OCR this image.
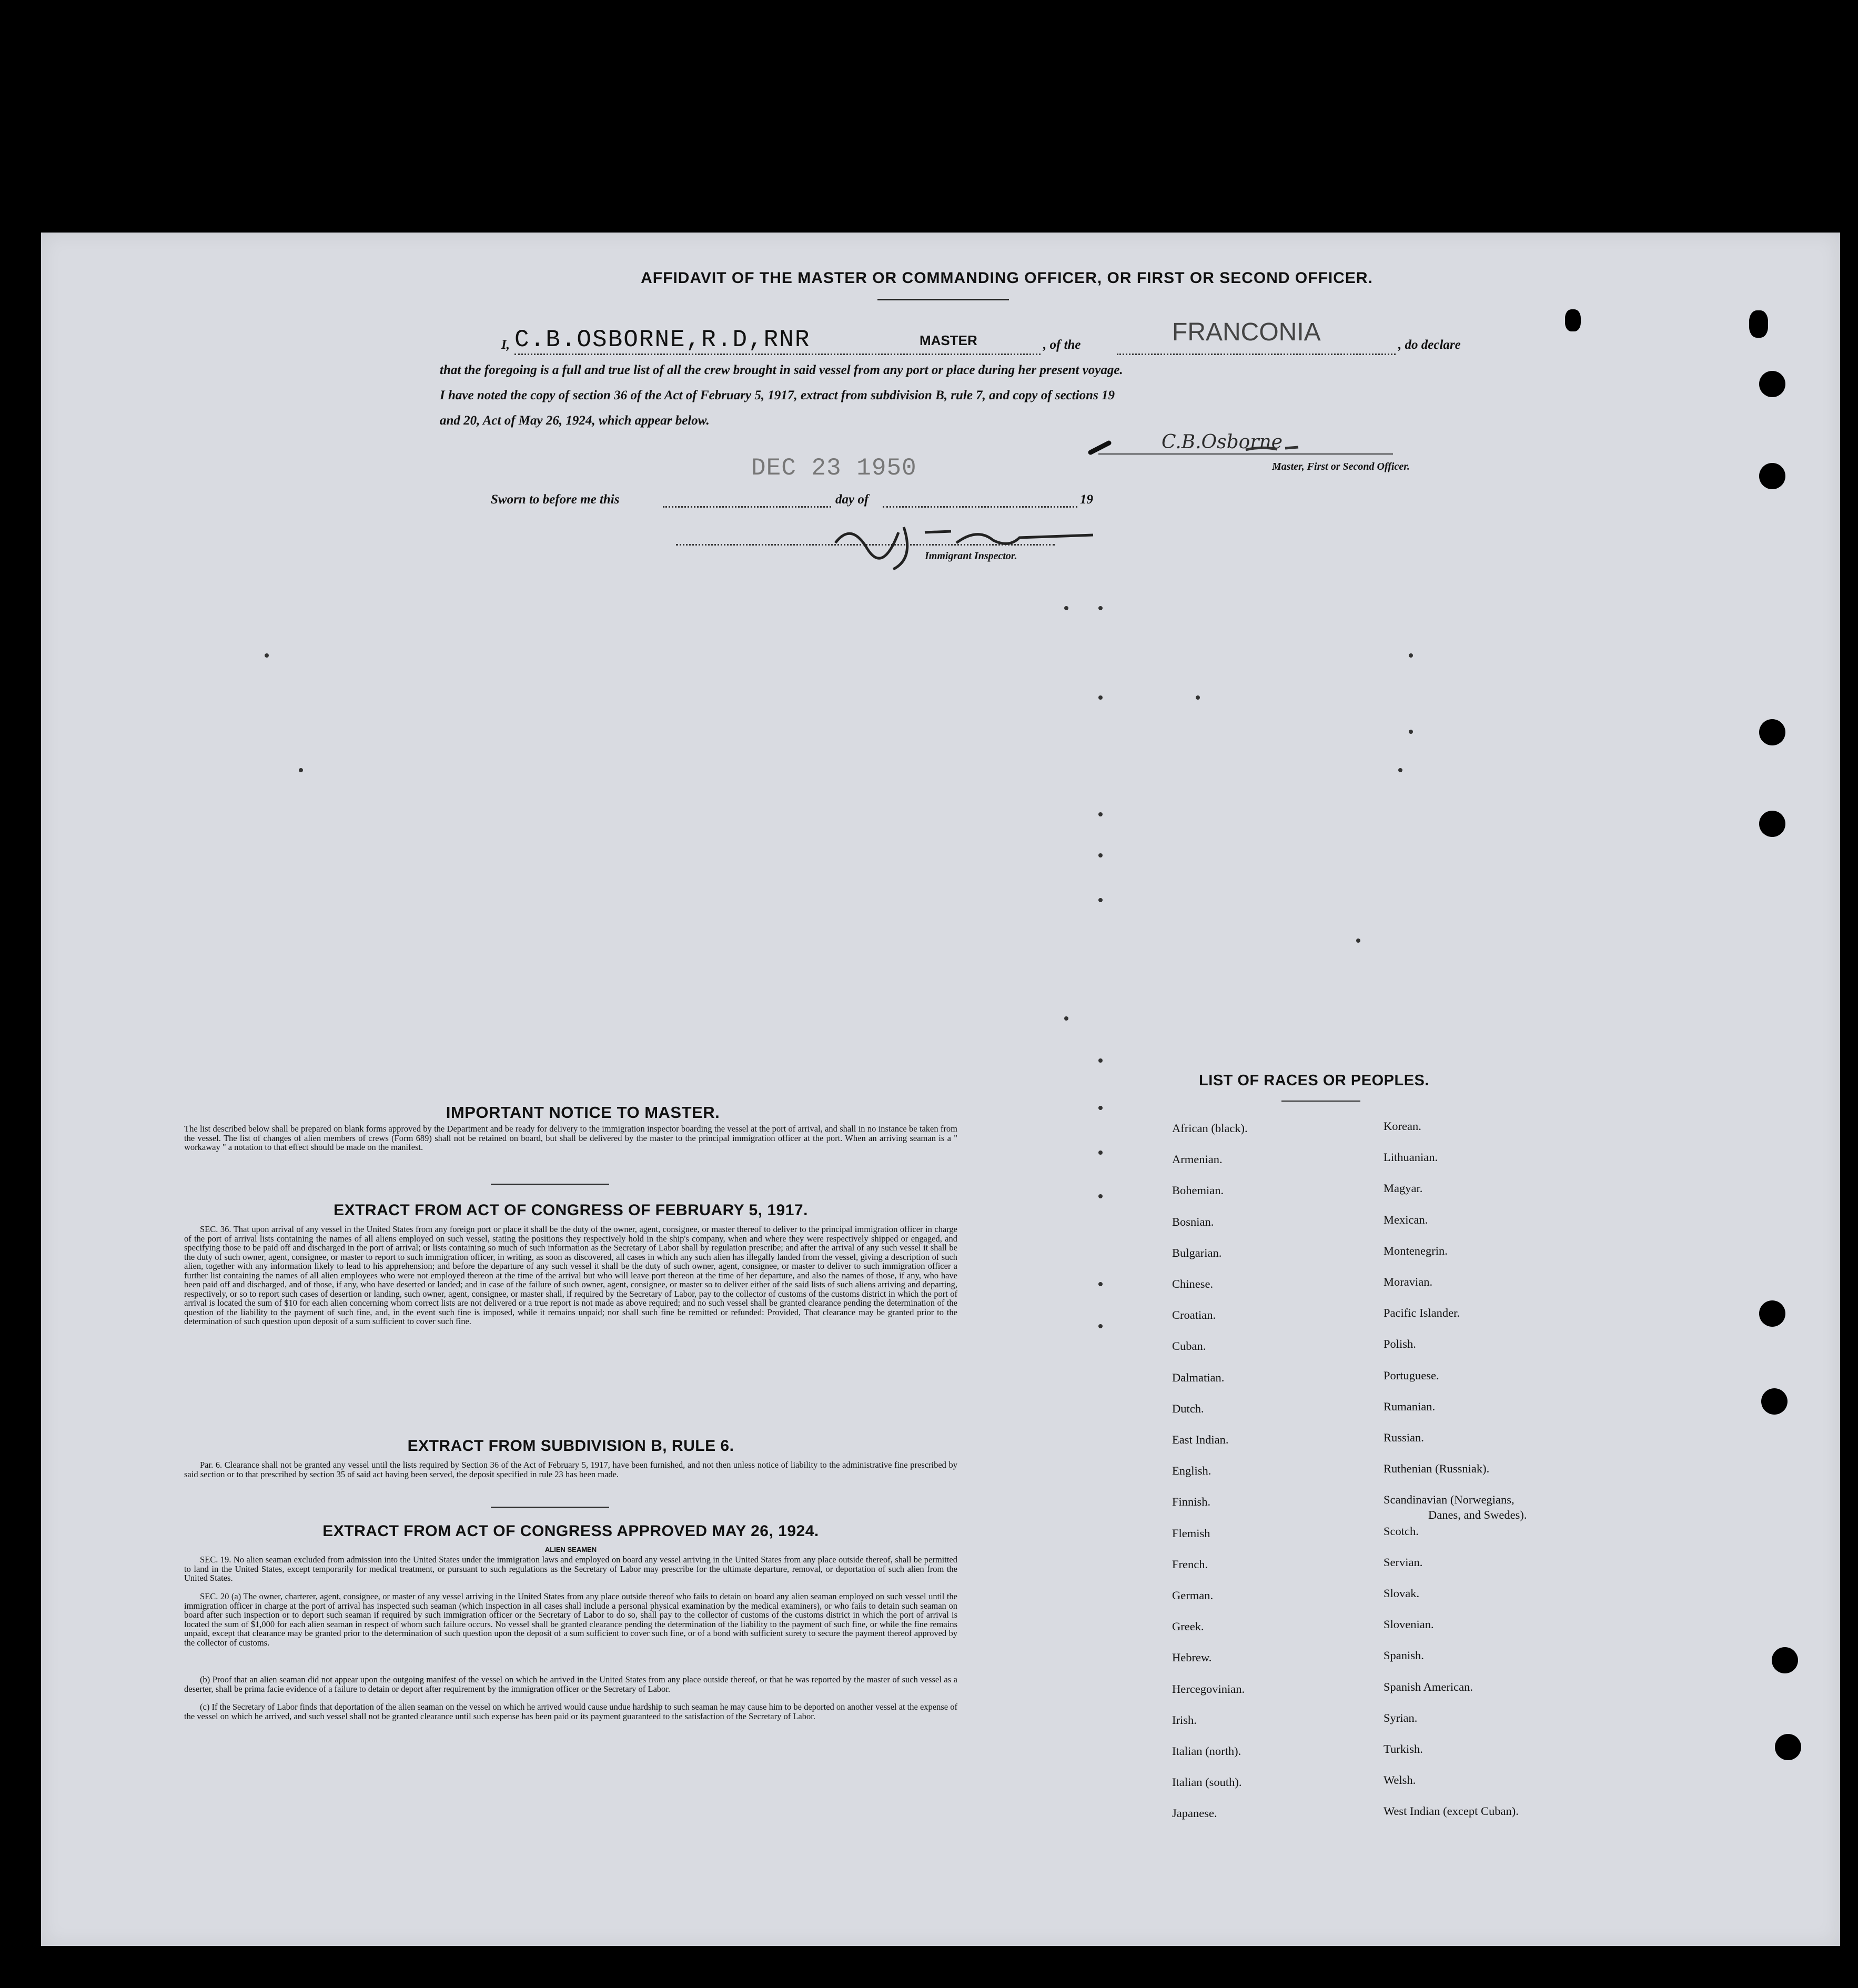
AFFIDAVIT OF THE MASTER OR COMMANDING OFFICER, OR FIRST OR SECOND OFFICER.
I, C.B.OSBORNE,R.D,RNR	MASTER	, of the	FRANCONIA	, do declare
that the foregoing is a full and true list of all the crew brought in said vessel from any port or place during her present voyage.
I have noted the copy of section 36 of the Act of February 5, 1917, extract from subdivision B, rule 7, and copy of sections 19
and 20, Act of May 26, 1924, which appear below.
DEC 23 1950
C.B.Osborne
Master, First or Second Officer.
Sworn to before me this	day of	19
Immigrant Inspector.
IMPORTANT NOTICE TO MASTER.

The list described below shall be prepared on blank forms approved by the Department and be ready for delivery to the immigration inspector boarding the vessel at the port of arrival, and shall in no instance be taken from the vessel. The list of changes of alien members of crews (Form 689) shall not be retained on board, but shall be delivered by the master to the principal immigration officer at the port. When an arriving seaman is a " workaway " a notation to that effect should be made on the manifest.

EXTRACT FROM ACT OF CONGRESS OF FEBRUARY 5, 1917.

SEC. 36. That upon arrival of any vessel in the United States from any foreign port or place it shall be the duty of the owner, agent, consignee, or master thereof to deliver to the principal immigration officer in charge of the port of arrival lists containing the names of all aliens employed on such vessel, stating the positions they respectively hold in the ship's company, when and where they were respectively shipped or engaged, and specifying those to be paid off and discharged in the port of arrival; or lists containing so much of such information as the Secretary of Labor shall by regulation prescribe; and after the arrival of any such vessel it shall be the duty of such owner, agent, consignee, or master to report to such immigration officer, in writing, as soon as discovered, all cases in which any such alien has illegally landed from the vessel, giving a description of such alien, together with any information likely to lead to his apprehension; and before the departure of any such vessel it shall be the duty of such owner, agent, consignee, or master to deliver to such immigration officer a further list containing the names of all alien employees who were not employed thereon at the time of the arrival but who will leave port thereon at the time of her departure, and also the names of those, if any, who have been paid off and discharged, and of those, if any, who have deserted or landed; and in case of the failure of such owner, agent, consignee, or master so to deliver either of the said lists of such aliens arriving and departing, respectively, or so to report such cases of desertion or landing, such owner, agent, consignee, or master shall, if required by the Secretary of Labor, pay to the collector of customs of the customs district in which the port of arrival is located the sum of $10 for each alien concerning whom correct lists are not delivered or a true report is not made as above required; and no such vessel shall be granted clearance pending the determination of the question of the liability to the payment of such fine, and, in the event such fine is imposed, while it remains unpaid; nor shall such fine be remitted or refunded: Provided, That clearance may be granted prior to the determination of such question upon deposit of a sum sufficient to cover such fine.

EXTRACT FROM SUBDIVISION B, RULE 6.

Par. 6. Clearance shall not be granted any vessel until the lists required by Section 36 of the Act of February 5, 1917, have been furnished, and not then unless notice of liability to the administrative fine prescribed by said section or to that prescribed by section 35 of said act having been served, the deposit specified in rule 23 has been made.

EXTRACT FROM ACT OF CONGRESS APPROVED MAY 26, 1924.
ALIEN SEAMEN

SEC. 19. No alien seaman excluded from admission into the United States under the immigration laws and employed on board any vessel arriving in the United States from any place outside thereof, shall be permitted to land in the United States, except temporarily for medical treatment, or pursuant to such regulations as the Secretary of Labor may prescribe for the ultimate departure, removal, or deportation of such alien from the United States.

SEC. 20 (a) The owner, charterer, agent, consignee, or master of any vessel arriving in the United States from any place outside thereof who fails to detain on board any alien seaman employed on such vessel until the immigration officer in charge at the port of arrival has inspected such seaman (which inspection in all cases shall include a personal physical examination by the medical examiners), or who fails to detain such seaman on board after such inspection or to deport such seaman if required by such immigration officer or the Secretary of Labor to do so, shall pay to the collector of customs of the customs district in which the port of arrival is located the sum of $1,000 for each alien seaman in respect of whom such failure occurs. No vessel shall be granted clearance pending the determination of the liability to the payment of such fine, or while the fine remains unpaid, except that clearance may be granted prior to the determination of such question upon the deposit of a sum sufficient to cover such fine, or of a bond with sufficient surety to secure the payment thereof approved by the collector of customs.

(b) Proof that an alien seaman did not appear upon the outgoing manifest of the vessel on which he arrived in the United States from any place outside thereof, or that he was reported by the master of such vessel as a deserter, shall be prima facie evidence of a failure to detain or deport after requirement by the immigration officer or the Secretary of Labor.

(c) If the Secretary of Labor finds that deportation of the alien seaman on the vessel on which he arrived would cause undue hardship to such seaman he may cause him to be deported on another vessel at the expense of the vessel on which he arrived, and such vessel shall not be granted clearance until such expense has been paid or its payment guaranteed to the satisfaction of the Secretary of Labor.

LIST OF RACES OR PEOPLES.
Danes, and Swedes).
African (black).
Armenian.
Bohemian.
Bosnian.
Bulgarian.
Chinese.
Croatian.
Cuban.
Dalmatian.
Dutch.
East Indian.
English.
Finnish.
Flemish
French.
German.
Greek.
Hebrew.
Hercegovinian.
Irish.
Italian (north).
Italian (south).
Japanese.
Korean.
Lithuanian.
Magyar.
Mexican.
Montenegrin.
Moravian.
Pacific Islander.
Polish.
Portuguese.
Rumanian.
Russian.
Ruthenian (Russniak).
Scandinavian (Norwegians,
Scotch.
Servian.
Slovak.
Slovenian.
Spanish.
Spanish American.
Syrian.
Turkish.
Welsh.
West Indian (except Cuban).
